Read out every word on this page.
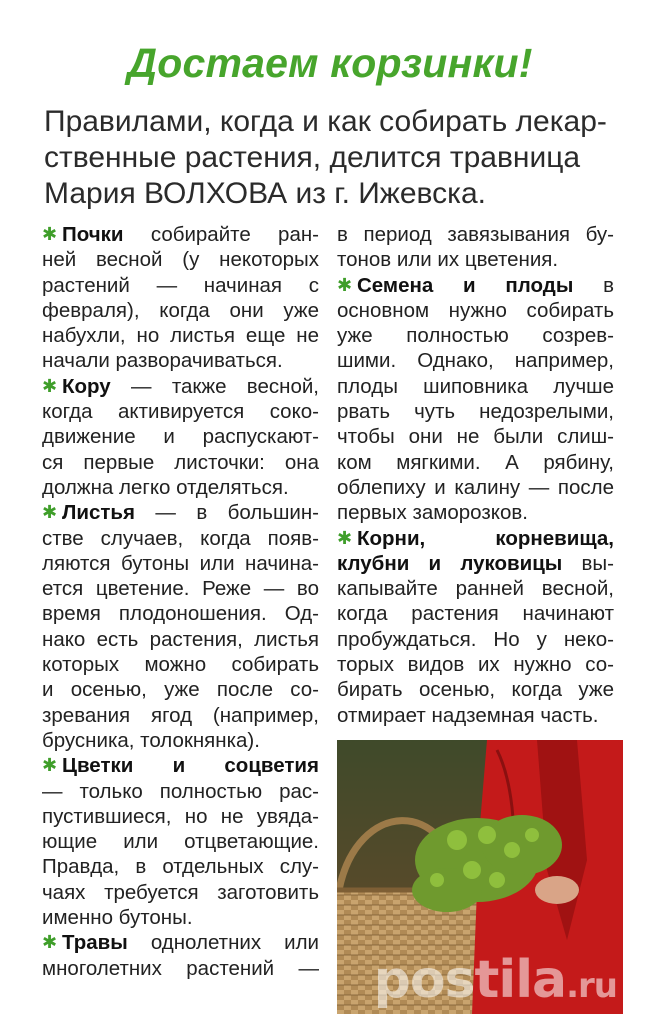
Достаем корзинки!
Правилами, когда и как собирать лекар-
ственные растения, делится травница
Мария ВОЛХОВА из г. Ижевска.
✱ Почки собирайте ран-
ней весной (у некоторых
растений — начиная с
февраля), когда они уже
набухли, но листья еще не
начали разворачиваться.
✱ Кору — также весной,
когда активируется соко-
движение и распускают-
ся первые листочки: она
должна легко отделяться.
✱ Листья — в большин-
стве случаев, когда появ-
ляются бутоны или начина-
ется цветение. Реже — во
время плодоношения. Од-
нако есть растения, листья
которых можно собирать
и осенью, уже после со-
зревания ягод (например,
брусника, толокнянка).
✱ Цветки и соцветия
— только полностью рас-
пустившиеся, но не увяда-
ющие или отцветающие.
Правда, в отдельных слу-
чаях требуется заготовить
именно бутоны.
✱ Травы однолетних или
многолетних растений —
в период завязывания бу-
тонов или их цветения.
✱ Семена и плоды в
основном нужно собирать
уже полностью созрев-
шими. Однако, например,
плоды шиповника лучше
рвать чуть недозрелыми,
чтобы они не были слиш-
ком мягкими. А рябину,
облепиху и калину — после
первых заморозков.
✱ Корни, корневища,
клубни и луковицы вы-
капывайте ранней весной,
когда растения начинают
пробуждаться. Но у неко-
торых видов их нужно со-
бирать осенью, когда уже
отмирает надземная часть.
postila.ru
